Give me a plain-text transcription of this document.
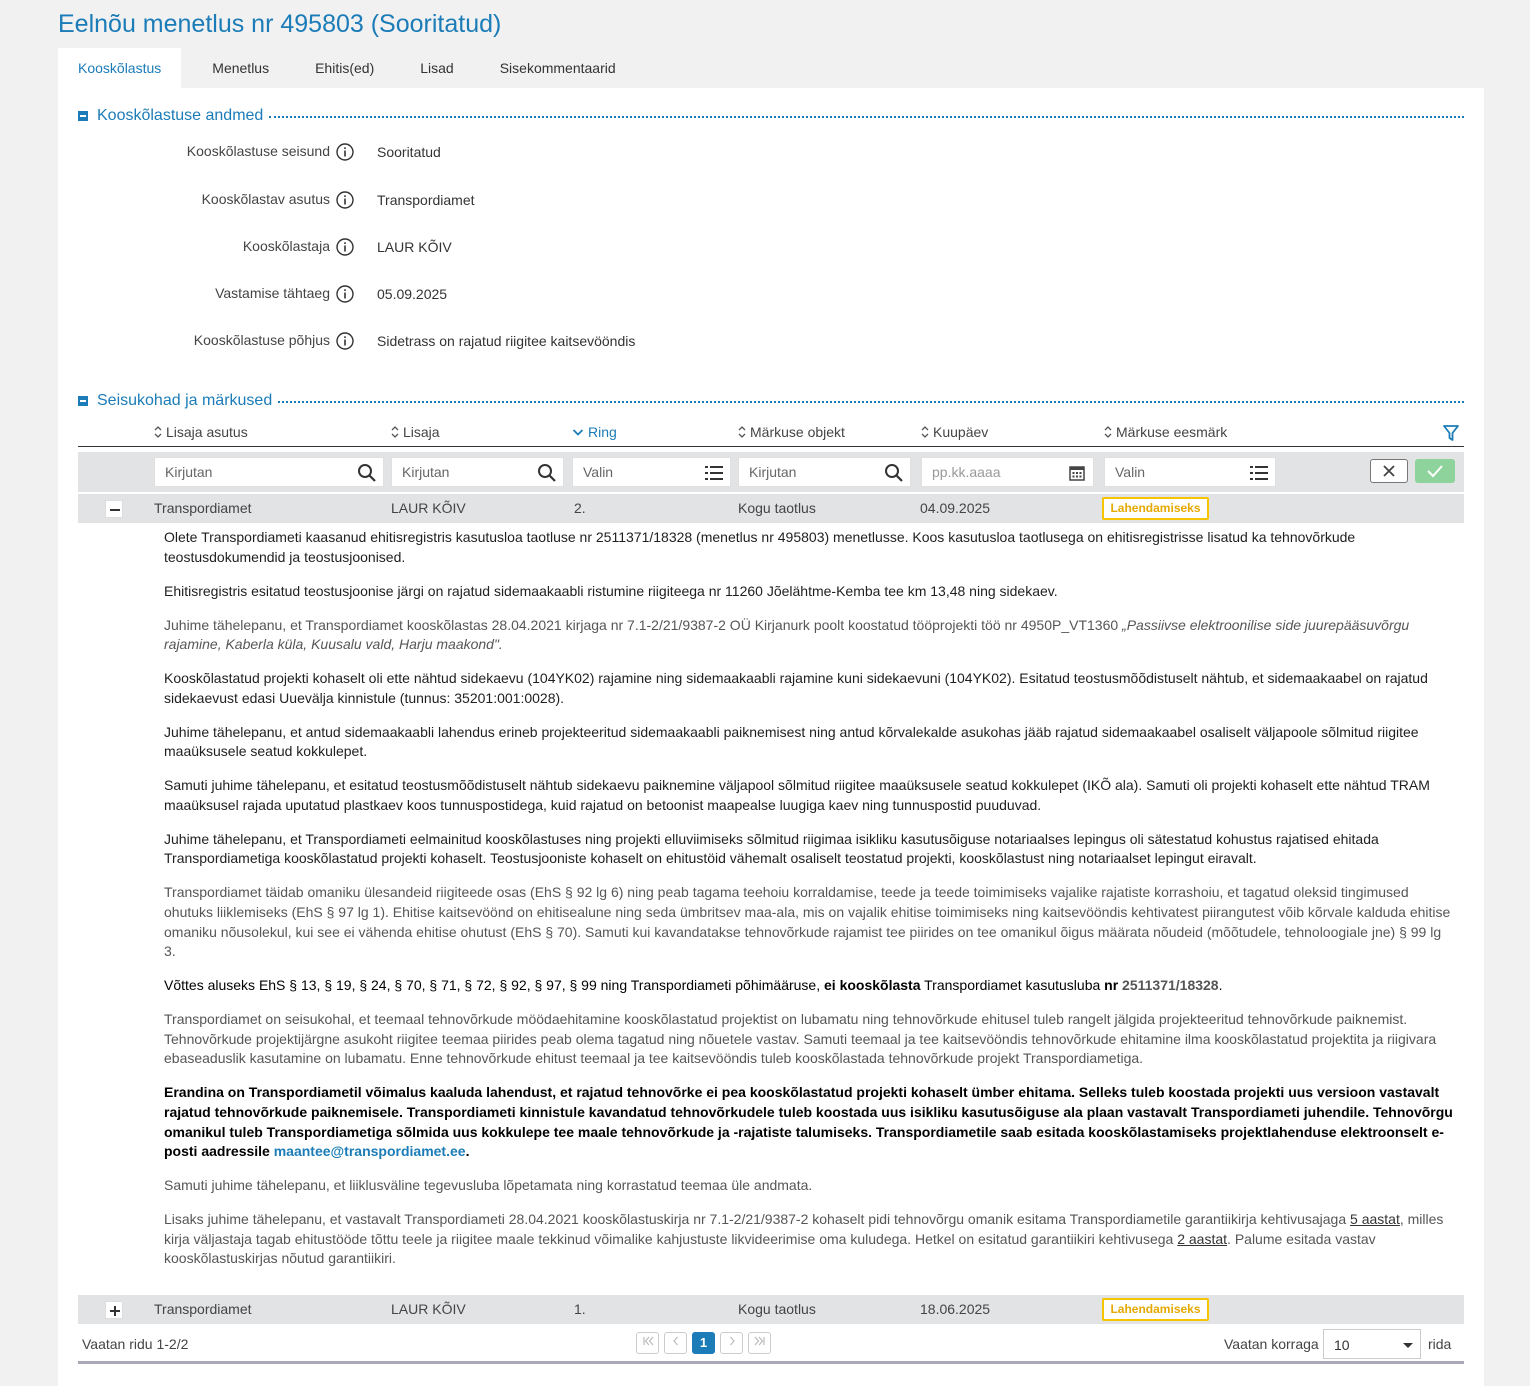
Eelnõu menetlus nr 495803 (Sooritatud)
Kooskõlastus	Menetlus	Ehitis(ed)	Lisad	Sisekommentaarid
Kooskõlastuse andmed
Kooskõlastuse seisund	Sooritatud
Kooskõlastav asutus	Transpordiamet
Kooskõlastaja	LAUR KÕIV
Vastamise tähtaeg	05.09.2025
Kooskõlastuse põhjus	Sidetrass on rajatud riigitee kaitsevööndis
Seisukohad ja märkused
Lisaja asutus	Lisaja	Ring	Märkuse objekt	Kuupäev	Märkuse eesmärk
Kirjutan	Kirjutan	Valin	Kirjutan	pp.kk.aaaa	Valin
Transpordiamet	LAUR KÕIV	2.	Kogu taotlus	04.09.2025	Lahendamiseks

Olete Transpordiameti kaasanud ehitisregistris kasutusloa taotluse nr 2511371/18328 (menetlus nr 495803) menetlusse. Koos kasutusloa taotlusega on ehitisregistrisse lisatud ka tehnovõrkude teostusdokumendid ja teostusjoonised.

Ehitisregistris esitatud teostusjoonise järgi on rajatud sidemaakaabli ristumine riigiteega nr 11260 Jõelähtme-Kemba tee km 13,48 ning sidekaev.

Juhime tähelepanu, et Transpordiamet kooskõlastas 28.04.2021 kirjaga nr 7.1-2/21/9387-2 OÜ Kirjanurk poolt koostatud tööprojekti töö nr 4950P_VT1360 „Passiivse elektroonilise side juurepääsuvõrgu rajamine, Kaberla küla, Kuusalu vald, Harju maakond".

Kooskõlastatud projekti kohaselt oli ette nähtud sidekaevu (104YK02) rajamine ning sidemaakaabli rajamine kuni sidekaevuni (104YK02). Esitatud teostusmõõdistuselt nähtub, et sidemaakaabel on rajatud sidekaevust edasi Uuevälja kinnistule (tunnus: 35201:001:0028).

Juhime tähelepanu, et antud sidemaakaabli lahendus erineb projekteeritud sidemaakaabli paiknemisest ning antud kõrvalekalde asukohas jääb rajatud sidemaakaabel osaliselt väljapoole sõlmitud riigitee maaüksusele seatud kokkulepet.

Samuti juhime tähelepanu, et esitatud teostusmõõdistuselt nähtub sidekaevu paiknemine väljapool sõlmitud riigitee maaüksusele seatud kokkulepet (IKÕ ala). Samuti oli projekti kohaselt ette nähtud TRAM maaüksusel rajada uputatud plastkaev koos tunnuspostidega, kuid rajatud on betoonist maapealse luugiga kaev ning tunnuspostid puuduvad.

Juhime tähelepanu, et Transpordiameti eelmainitud kooskõlastuses ning projekti elluviimiseks sõlmitud riigimaa isikliku kasutusõiguse notariaalses lepingus oli sätestatud kohustus rajatised ehitada Transpordiametiga kooskõlastatud projekti kohaselt. Teostusjooniste kohaselt on ehitustöid vähemalt osaliselt teostatud projekti, kooskõlastust ning notariaalset lepingut eiravalt.

Transpordiamet täidab omaniku ülesandeid riigiteede osas (EhS § 92 lg 6) ning peab tagama teehoiu korraldamise, teede ja teede toimimiseks vajalike rajatiste korrashoiu, et tagatud oleksid tingimused ohutuks liiklemiseks (EhS § 97 lg 1). Ehitise kaitsevöönd on ehitisealune ning seda ümbritsev maa-ala, mis on vajalik ehitise toimimiseks ning kaitsevööndis kehtivatest piirangutest võib kõrvale kalduda ehitise omaniku nõusolekul, kui see ei vähenda ehitise ohutust (EhS § 70). Samuti kui kavandatakse tehnovõrkude rajamist tee piirides on tee omanikul õigus määrata nõudeid (mõõtudele, tehnoloogiale jne) § 99 lg 3.

Võttes aluseks EhS § 13, § 19, § 24, § 70, § 71, § 72, § 92, § 97, § 99 ning Transpordiameti põhimääruse, ei kooskõlasta Transpordiamet kasutusluba nr 2511371/18328.

Transpordiamet on seisukohal, et teemaal tehnovõrkude möödaehitamine kooskõlastatud projektist on lubamatu ning tehnovõrkude ehitusel tuleb rangelt jälgida projekteeritud tehnovõrkude paiknemist. Tehnovõrkude projektijärgne asukoht riigitee teemaa piirides peab olema tagatud ning nõuetele vastav. Samuti teemaal ja tee kaitsevööndis tehnovõrkude ehitamine ilma kooskõlastatud projektita ja riigivara ebaseaduslik kasutamine on lubamatu. Enne tehnovõrkude ehitust teemaal ja tee kaitsevööndis tuleb kooskõlastada tehnovõrkude projekt Transpordiametiga.

Erandina on Transpordiametil võimalus kaaluda lahendust, et rajatud tehnovõrke ei pea kooskõlastatud projekti kohaselt ümber ehitama. Selleks tuleb koostada projekti uus versioon vastavalt rajatud tehnovõrkude paiknemisele. Transpordiameti kinnistule kavandatud tehnovõrkudele tuleb koostada uus isikliku kasutusõiguse ala plaan vastavalt Transpordiameti juhendile. Tehnovõrgu omanikul tuleb Transpordiametiga sõlmida uus kokkulepe tee maale tehnovõrkude ja -rajatiste talumiseks. Transpordiametile saab esitada kooskõlastamiseks projektlahenduse elektroonselt e-posti aadressile maantee@transpordiamet.ee.

Samuti juhime tähelepanu, et liiklusväline tegevusluba lõpetamata ning korrastatud teemaa üle andmata.

Lisaks juhime tähelepanu, et vastavalt Transpordiameti 28.04.2021 kooskõlastuskirja nr 7.1-2/21/9387-2 kohaselt pidi tehnovõrgu omanik esitama Transpordiametile garantiikirja kehtivusajaga 5 aastat, milles kirja väljastaja tagab ehitustööde tõttu teele ja riigitee maale tekkinud võimalike kahjustuste likvideerimise oma kuludega. Hetkel on esitatud garantiikiri kehtivusega 2 aastat. Palume esitada vastav kooskõlastuskirjas nõutud garantiikiri.

Transpordiamet	LAUR KÕIV	1.	Kogu taotlus	18.06.2025	Lahendamiseks
Vaatan ridu 1-2/2	1	Vaatan korraga 10	rida
